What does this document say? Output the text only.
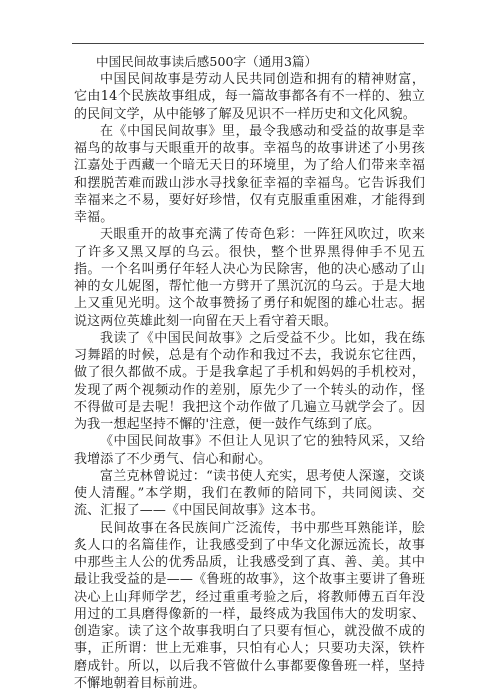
中国民间故事读后感500字（通用3篇）

中国民间故事是劳动人民共同创造和拥有的精神财富，它由14个民族故事组成，每一篇故事都各有不一样的、独立的民间文学，从中能够了解及见识不一样历史和文化风貌。

在《中国民间故事》里，最令我感动和受益的故事是幸福鸟的故事与天眼重开的故事。幸福鸟的故事讲述了小男孩江嘉处于西藏一个暗无天日的环境里，为了给人们带来幸福和摆脱苦难而跋山涉水寻找象征幸福的幸福鸟。它告诉我们幸福来之不易，要好好珍惜，仅有克服重重困难，才能得到幸福。

天眼重开的故事充满了传奇色彩：一阵狂风吹过，吹来了许多又黑又厚的乌云。很快，整个世界黑得伸手不见五指。一个名叫勇仔年轻人决心为民除害，他的决心感动了山神的女儿妮图，帮忙他一方劈开了黑沉沉的乌云。于是大地上又重见光明。这个故事赞扬了勇仔和妮图的雄心壮志。据说这两位英雄此刻一向留在天上看守着天眼。

我读了《中国民间故事》之后受益不少。比如，我在练习舞蹈的时候，总是有个动作和我过不去，我说东它往西，做了很久都做不成。于是我拿起了手机和妈妈的手机校对，发现了两个视频动作的差别，原先少了一个转头的动作，怪不得做可是去呢！我把这个动作做了几遍立马就学会了。因为我一想起坚持不懈的'注意，便一鼓作气练到了底。

《中国民间故事》不但让人见识了它的独特风采，又给我增添了不少勇气、信心和耐心。

富兰克林曾说过：“读书使人充实，思考使人深邃，交谈使人清醒。”本学期，我们在教师的陪同下，共同阅读、交流、汇报了——《中国民间故事》这本书。

民间故事在各民族间广泛流传，书中那些耳熟能详，脍炙人口的名篇佳作，让我感受到了中华文化源远流长，故事中那些主人公的优秀品质，让我感受到了真、善、美。其中最让我受益的是——《鲁班的故事》，这个故事主要讲了鲁班决心上山拜师学艺，经过重重考验之后，将教师傅五百年没用过的工具磨得像新的一样，最终成为我国伟大的发明家、创造家。读了这个故事我明白了只要有恒心，就没做不成的事，正所谓：世上无难事，只怕有心人；只要功夫深，铁杵磨成针。所以，以后我不管做什么事都要像鲁班一样，坚持不懈地朝着目标前进。
